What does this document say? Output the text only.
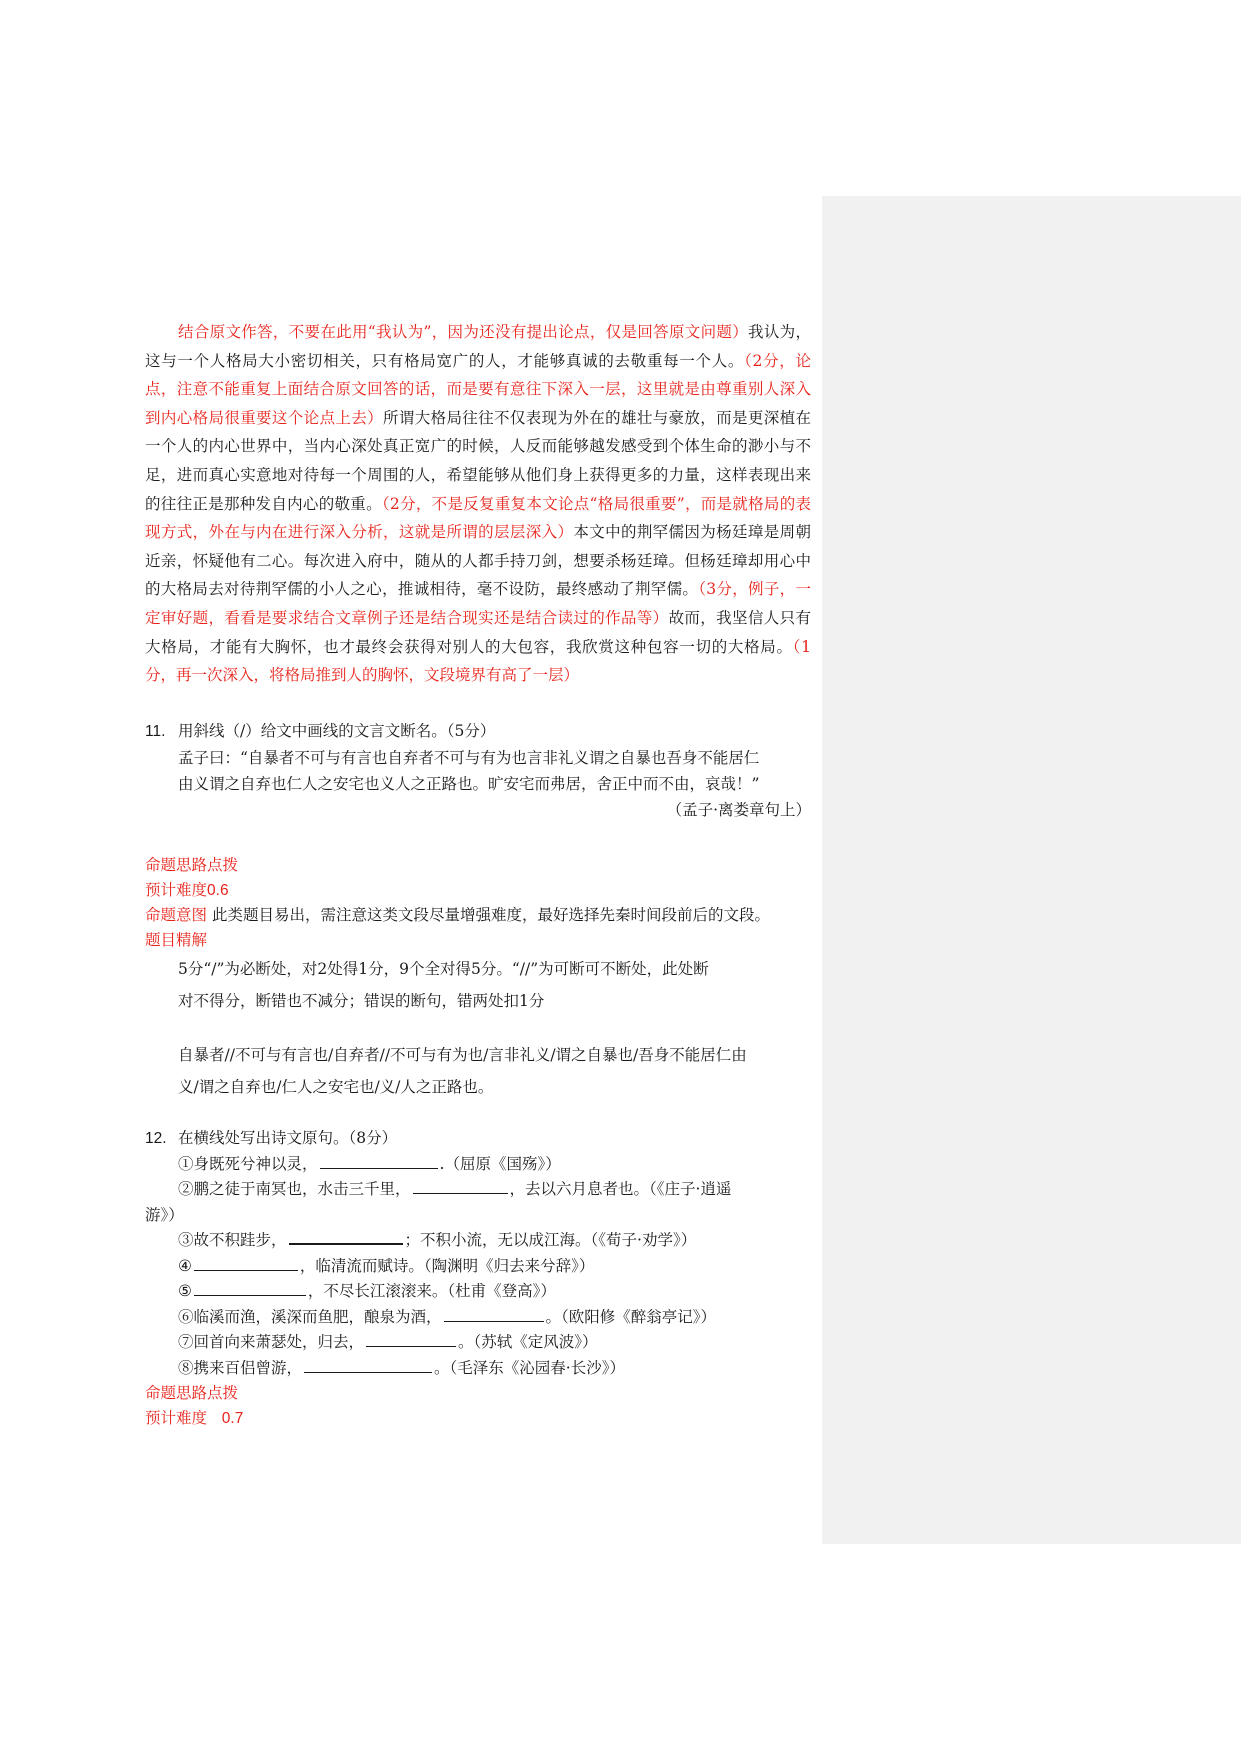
结合原文作答，不要在此用“我认为”，因为还没有提出论点，仅是回答原文问题）我认为，这与一个人格局大小密切相关，只有格局宽广的人，才能够真诚的去敬重每一个人。（2分，论点，注意不能重复上面结合原文回答的话，而是要有意往下深入一层，这里就是由尊重别人深入到内心格局很重要这个论点上去）所谓大格局往往不仅表现为外在的雄壮与豪放，而是更深植在一个人的内心世界中，当内心深处真正宽广的时候，人反而能够越发感受到个体生命的渺小与不足，进而真心实意地对待每一个周围的人，希望能够从他们身上获得更多的力量，这样表现出来的往往正是那种发自内心的敬重。（2分，不是反复重复本文论点“格局很重要”，而是就格局的表现方式，外在与内在进行深入分析，这就是所谓的层层深入）本文中的荆罕儒因为杨廷璋是周朝近亲，怀疑他有二心。每次进入府中，随从的人都手持刀剑，想要杀杨廷璋。但杨廷璋却用心中的大格局去对待荆罕儒的小人之心，推诚相待，毫不设防，最终感动了荆罕儒。（3分，例子，一定审好题，看看是要求结合文章例子还是结合现实还是结合读过的作品等）故而，我坚信人只有大格局，才能有大胸怀，也才最终会获得对别人的大包容，我欣赏这种包容一切的大格局。（1分，再一次深入，将格局推到人的胸怀，文段境界有高了一层）
11. 用斜线（/）给文中画线的文言文断名。（5分）
孟子曰：“自暴者不可与有言也自弃者不可与有为也言非礼义谓之自暴也吾身不能居仁
由义谓之自弃也仁人之安宅也义人之正路也。旷安宅而弗居，舍正中而不由，哀哉！”
（孟子·离娄章句上）
命题思路点拨
预计难度0.6
命题意图 此类题目易出，需注意这类文段尽量增强难度，最好选择先秦时间段前后的文段。
题目精解
5分“/”为必断处，对2处得1分，9个全对得5分。“//”为可断可不断处，此处断
对不得分，断错也不减分；错误的断句，错两处扣1分
自暴者//不可与有言也/自弃者//不可与有为也/言非礼义/谓之自暴也/吾身不能居仁由
义/谓之自弃也/仁人之安宅也/义/人之正路也。
12. 在横线处写出诗文原句。（8分）
①身既死兮神以灵，	.（屈原《国殇》）
②鹏之徒于南冥也，水击三千里，	，去以六月息者也。（《庄子·逍遥
游》）
③故不积跬步，	；不积小流，无以成江海。（《荀子·劝学》）
④	，临清流而赋诗。（陶渊明《归去来兮辞》）
⑤	，不尽长江滚滚来。（杜甫《登高》）
⑥临溪而渔，溪深而鱼肥，酿泉为酒，	。（欧阳修《醉翁亭记》）
⑦回首向来萧瑟处，归去，	。（苏轼《定风波》）
⑧携来百侣曾游，	。（毛泽东《沁园春·长沙》）
命题思路点拨
预计难度 0.7
